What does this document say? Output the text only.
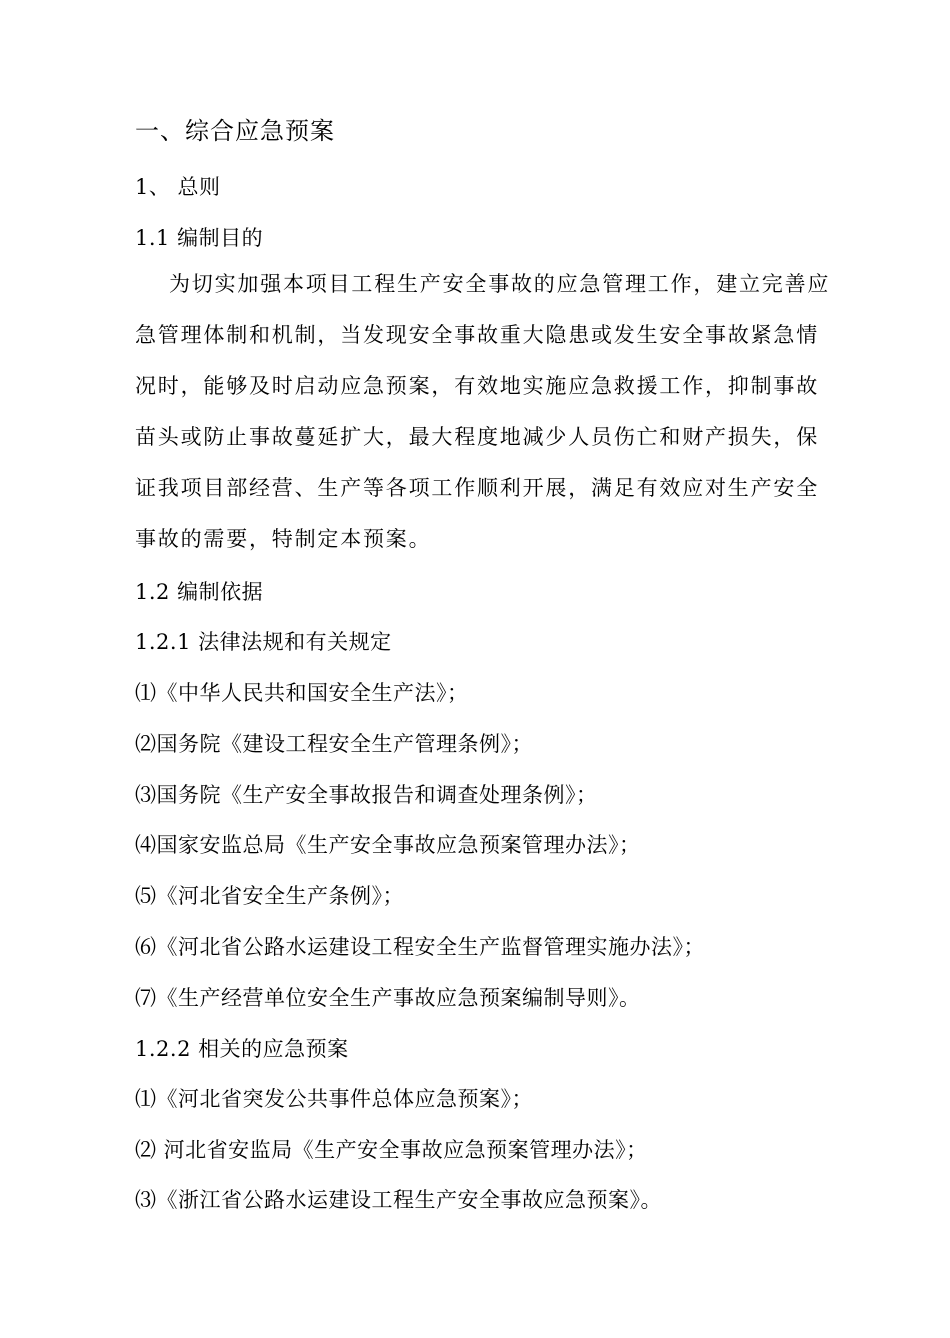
一、综合应急预案
1、 总则
1.1 编制目的
为切实加强本项目工程生产安全事故的应急管理工作，建立完善应
急管理体制和机制，当发现安全事故重大隐患或发生安全事故紧急情
况时，能够及时启动应急预案，有效地实施应急救援工作，抑制事故
苗头或防止事故蔓延扩大，最大程度地减少人员伤亡和财产损失，保
证我项目部经营、生产等各项工作顺利开展，满足有效应对生产安全
事故的需要，特制定本预案。
1.2 编制依据
1.2.1 法律法规和有关规定
⑴《中华人民共和国安全生产法》；
⑵国务院《建设工程安全生产管理条例》；
⑶国务院《生产安全事故报告和调查处理条例》；
⑷国家安监总局《生产安全事故应急预案管理办法》；
⑸《河北省安全生产条例》；
⑹《河北省公路水运建设工程安全生产监督管理实施办法》；
⑺《生产经营单位安全生产事故应急预案编制导则》。
1.2.2 相关的应急预案
⑴《河北省突发公共事件总体应急预案》；
⑵ 河北省安监局《生产安全事故应急预案管理办法》；
⑶《浙江省公路水运建设工程生产安全事故应急预案》。
